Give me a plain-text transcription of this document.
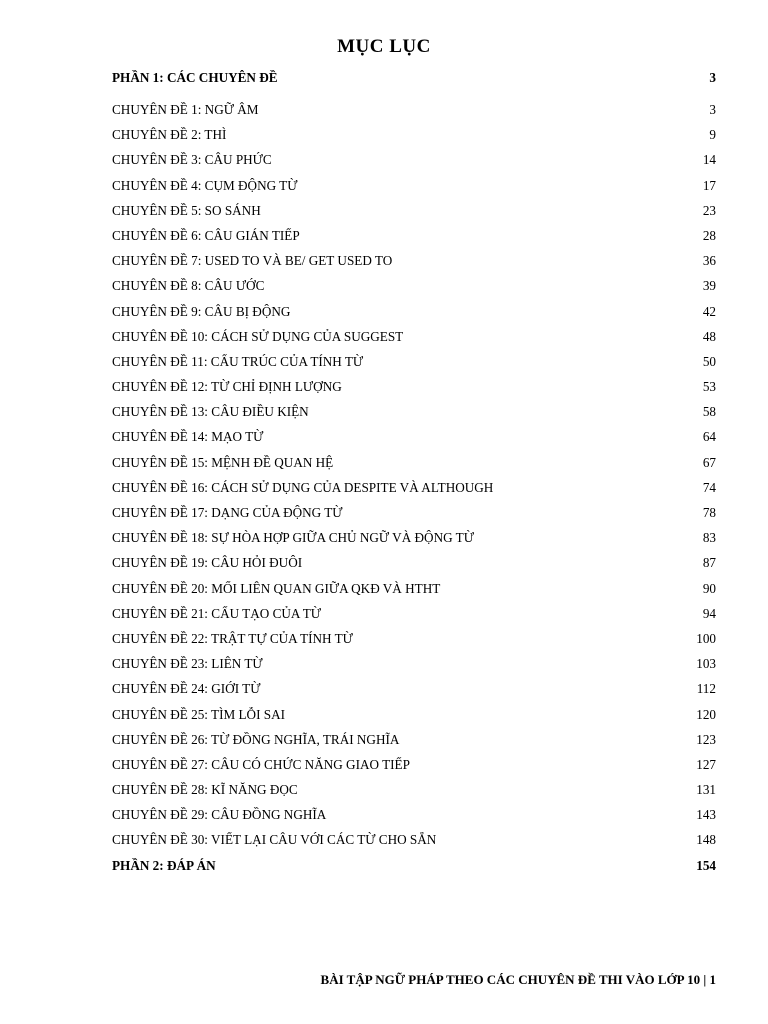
MỤC LỤC
PHẦN 1: CÁC CHUYÊN ĐỀ	3
CHUYÊN ĐỀ 1: NGỮ ÂM	3
CHUYÊN ĐỀ 2: THÌ	9
CHUYÊN ĐỀ 3: CÂU PHỨC	14
CHUYÊN ĐỀ 4: CỤM ĐỘNG TỪ	17
CHUYÊN ĐỀ 5: SO SÁNH	23
CHUYÊN ĐỀ 6: CÂU GIÁN TIẾP	28
CHUYÊN ĐỀ 7: USED TO VÀ BE/ GET USED TO	36
CHUYÊN ĐỀ 8: CÂU ƯỚC	39
CHUYÊN ĐỀ 9: CÂU BỊ ĐỘNG	42
CHUYÊN ĐỀ 10: CÁCH SỬ DỤNG CỦA SUGGEST	48
CHUYÊN ĐỀ 11: CẤU TRÚC CỦA TÍNH TỪ	50
CHUYÊN ĐỀ 12: TỪ CHỈ ĐỊNH LƯỢNG	53
CHUYÊN ĐỀ 13: CÂU ĐIỀU KIỆN	58
CHUYÊN ĐỀ 14: MẠO TỪ	64
CHUYÊN ĐỀ 15: MỆNH ĐỀ QUAN HỆ	67
CHUYÊN ĐỀ 16: CÁCH SỬ DỤNG CỦA DESPITE VÀ ALTHOUGH	74
CHUYÊN ĐỀ 17: DẠNG CỦA ĐỘNG TỪ	78
CHUYÊN ĐỀ 18: SỰ HÒA HỢP GIỮA CHỦ NGỮ VÀ ĐỘNG TỪ	83
CHUYÊN ĐỀ 19: CÂU HỎI ĐUÔI	87
CHUYÊN ĐỀ 20: MỐI LIÊN QUAN GIỮA QKĐ VÀ HTHT	90
CHUYÊN ĐỀ 21: CẤU TẠO CỦA TỪ	94
CHUYÊN ĐỀ 22: TRẬT TỰ CỦA TÍNH TỪ	100
CHUYÊN ĐỀ 23: LIÊN TỪ	103
CHUYÊN ĐỀ 24: GIỚI TỪ	112
CHUYÊN ĐỀ 25: TÌM LỖI SAI	120
CHUYÊN ĐỀ 26: TỪ ĐỒNG NGHĨA, TRÁI NGHĨA	123
CHUYÊN ĐỀ 27: CÂU CÓ CHỨC NĂNG GIAO TIẾP	127
CHUYÊN ĐỀ 28: KĨ NĂNG ĐỌC	131
CHUYÊN ĐỀ 29: CÂU ĐỒNG NGHĨA	143
CHUYÊN ĐỀ 30: VIẾT LẠI CÂU VỚI CÁC TỪ CHO SẴN	148
PHẦN 2: ĐÁP ÁN	154
BÀI TẬP NGỮ PHÁP THEO CÁC CHUYÊN ĐỀ THI VÀO LỚP 10 | 1
